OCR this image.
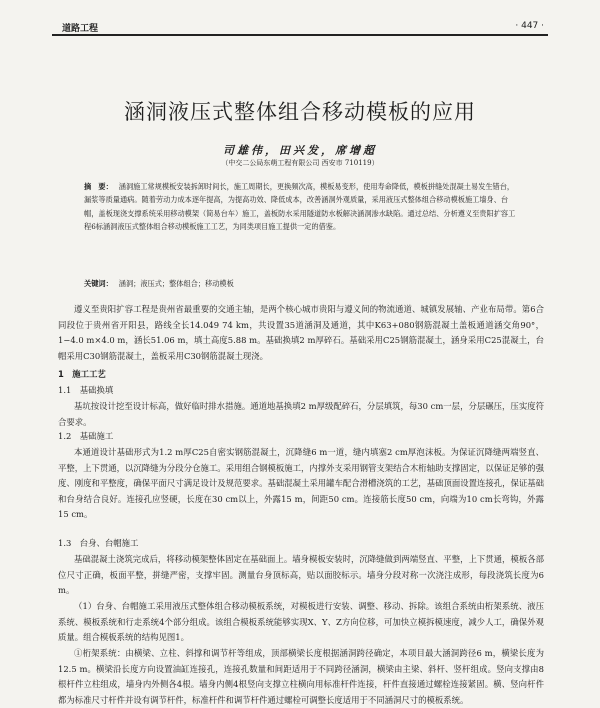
道路工程	· 447 ·
涵洞液压式整体组合移动模板的应用
司雄伟，田兴发，席增超
（中交二公局东萌工程有限公司 西安市 710119）
摘　要： 涵洞施工常规模板安装拆卸时间长，施工周期长，更换频次高，模板易变形，使用寿命降低，模板拼缝处混凝土易发生错台，漏浆等质量通病。随着劳动力成本逐年提高，为提高功效、降低成本，改善涵洞外观质量，采用液压式整体组合移动模板施工墙身、台帽，盖板现浇支撑系统采用移动模架（简易台车）施工，盖板防水采用隧道防水板解决涵洞渗水缺陷。通过总结、分析遵义至贵阳扩容工程6标涵洞液压式整体组合移动模板施工工艺，为同类项目施工提供一定的借鉴。
关键词： 涵洞；液压式；整体组合；移动模板
遵义至贵阳扩容工程是贵州省最重要的交通主轴，是两个核心城市贵阳与遵义间的物流通道、城镇发展轴、产业布局带。第6合同段位于贵州省开阳县，路线全长14.049 74 km，共设置35道涵洞及通道，其中K63+080钢筋混凝土盖板通道涵交角90°，1−4.0 m×4.0 m，涵长51.06 m，填土高度5.88 m。基础换填2 m厚碎石。基础采用C25钢筋混凝土，涵身采用C25混凝土，台帽采用C30钢筋混凝土，盖板采用C30钢筋混凝土现浇。
1　施工工艺
1.1　基础换填
基坑按设计挖至设计标高，做好临时排水措施。通道地基换填2 m厚级配碎石，分层填筑，每30 cm一层，分层碾压，压实度符合要求。
1.2　基础施工
本通道设计基础形式为1.2 m厚C25自密实钢筋混凝土，沉降缝6 m一道，缝内填塞2 cm厚泡沫板。为保证沉降缝两端竖直、平整，上下贯通，以沉降缝为分段分仓施工。采用组合钢模板施工，内撑外支采用钢管支架结合木桁轴助支撑固定，以保证足够的强度、刚度和平整度，确保平面尺寸满足设计及规范要求。基础混凝土采用罐车配合滑槽浇筑的工艺，基础顶面设置连接孔，保证基础和台身结合良好。连接孔应竖硬，长度在30 cm以上，外露15 m，间距50 cm。连接筋长度50 cm，向端为10 cm长弯钩，外露15 cm。
1.3　台身、台帽施工
基础混凝土浇筑完成后，将移动模架整体固定在基础面上。墙身模板安装时，沉降缝做到两端竖直、平整，上下贯通，模板各部位尺寸正确，板面平整，拼缝严密，支撑牢固。测量台身顶标高，贴以面胶标示。墙身分段对称一次浇注成形，每段浇筑长度为6 m。
（1）台身、台帽施工采用液压式整体组合移动模板系统，对模板进行安装、调整、移动、拆除。该组合系统由桁架系统、液压系统、模板系统和行走系统4个部分组成。该组合模板系统能够实现X、Y、Z方向位移，可加快立模拆模速度，减少人工，确保外观质量。组合模板系统的结构见图1。
①桁架系统：由横梁、立柱、斜撑和调节杆等组成，顶部横梁长度根据涵洞跨径确定，本项目最大涵洞跨径6 m，横梁长度为12.5 m。横梁沿长度方向设置油缸连接孔，连接孔数量和间距适用于不同跨径涵洞，横梁由主梁、斜杆、竖杆组成。竖向支撑由8根杆件立柱组成，墙身内外侧各4根。墙身内侧4根竖向支撑立柱横向用标准杆件连接，杆件直接通过螺栓连接紧固。横、竖向杆件都为标准尺寸杆件并设有调节杆件，标准杆件和调节杆件通过螺栓可调整长度适用于不同涵洞尺寸的模板系统。
